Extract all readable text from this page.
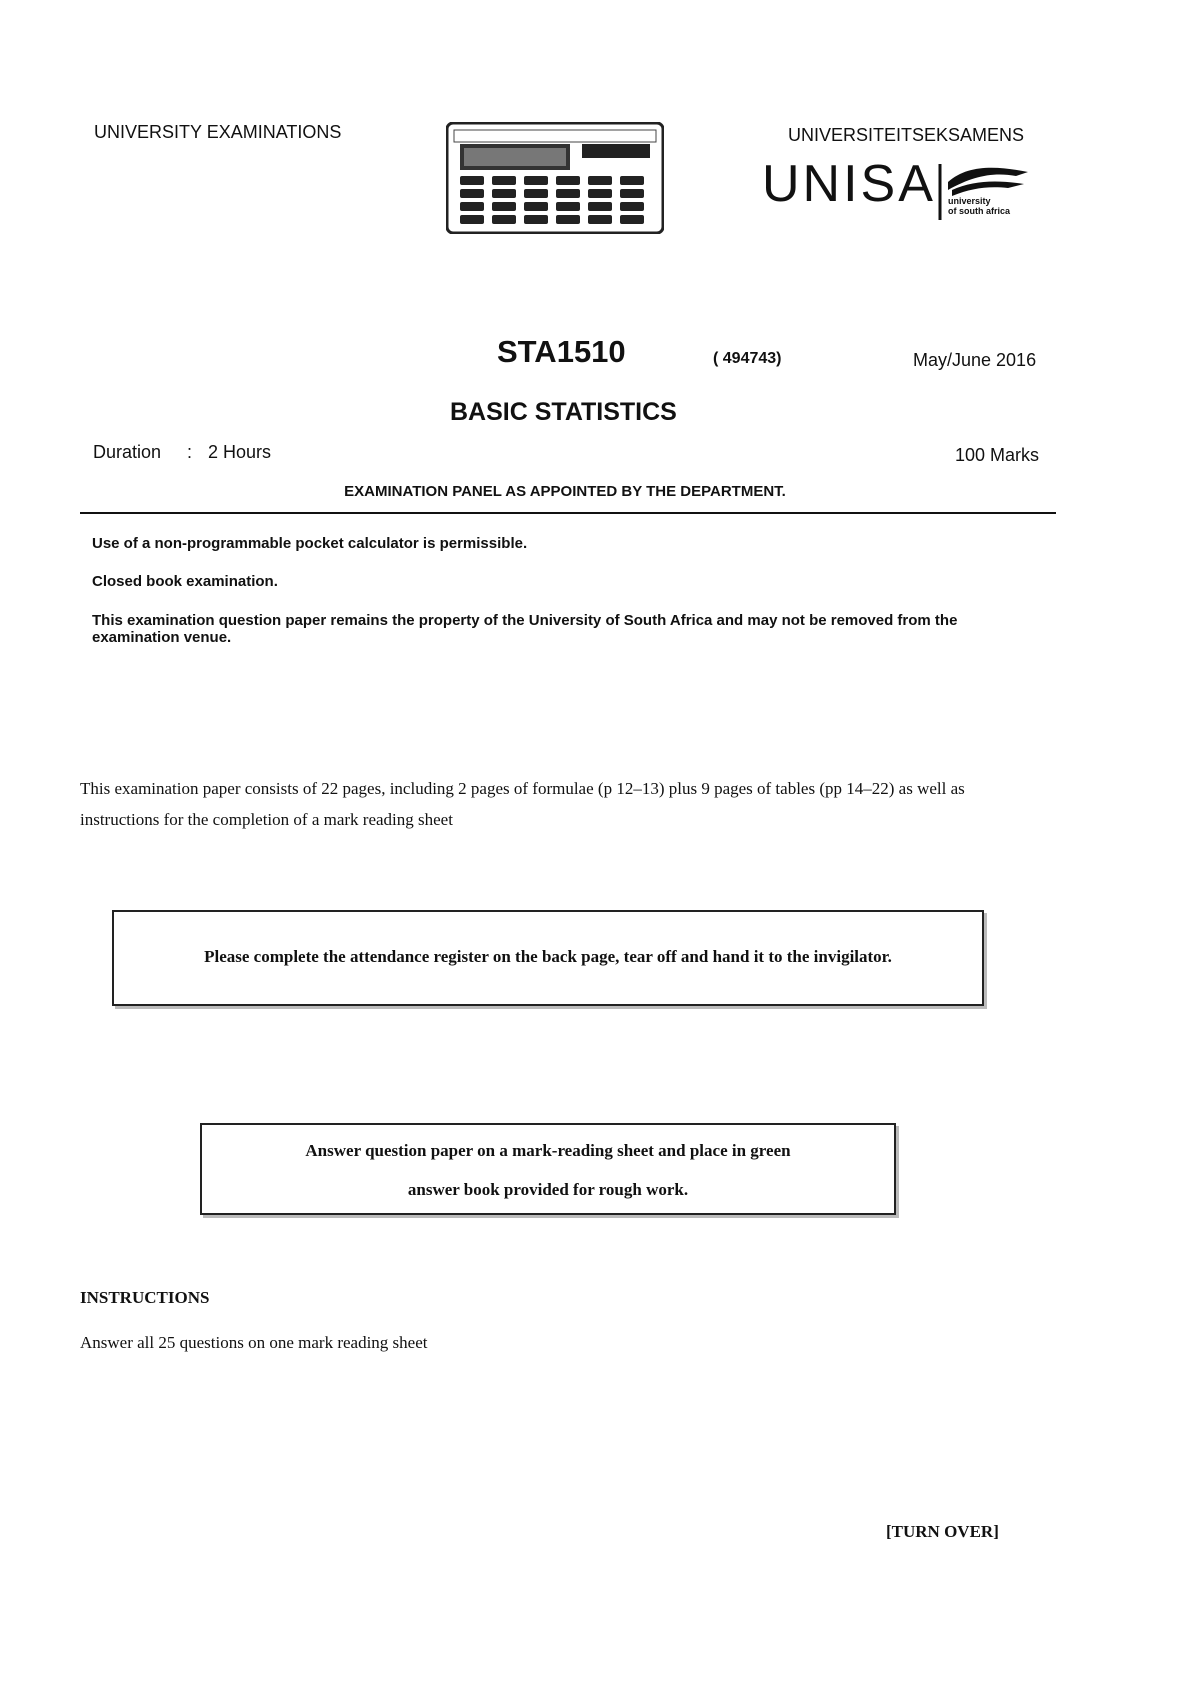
UNIVERSITY EXAMINATIONS	UNIVERSITEITSEKSAMENS
UNISA university
of south africa
STA1510	( 494743)	May/June 2016
BASIC STATISTICS
Duration : 2 Hours	100 Marks
EXAMINATION PANEL AS APPOINTED BY THE DEPARTMENT.
Use of a non-programmable pocket calculator is permissible.
Closed book examination.
This examination question paper remains the property of the University of South Africa and may not be removed from the examination venue.
This examination paper consists of 22 pages, including 2 pages of formulae (p 12–13) plus 9 pages of tables (pp 14–22) as well as instructions for the completion of a mark reading sheet
Please complete the attendance register on the back page, tear off and hand it to the invigilator.
Answer question paper on a mark-reading sheet and place in green
answer book provided for rough work.
INSTRUCTIONS
Answer all 25 questions on one mark reading sheet
[TURN OVER]
